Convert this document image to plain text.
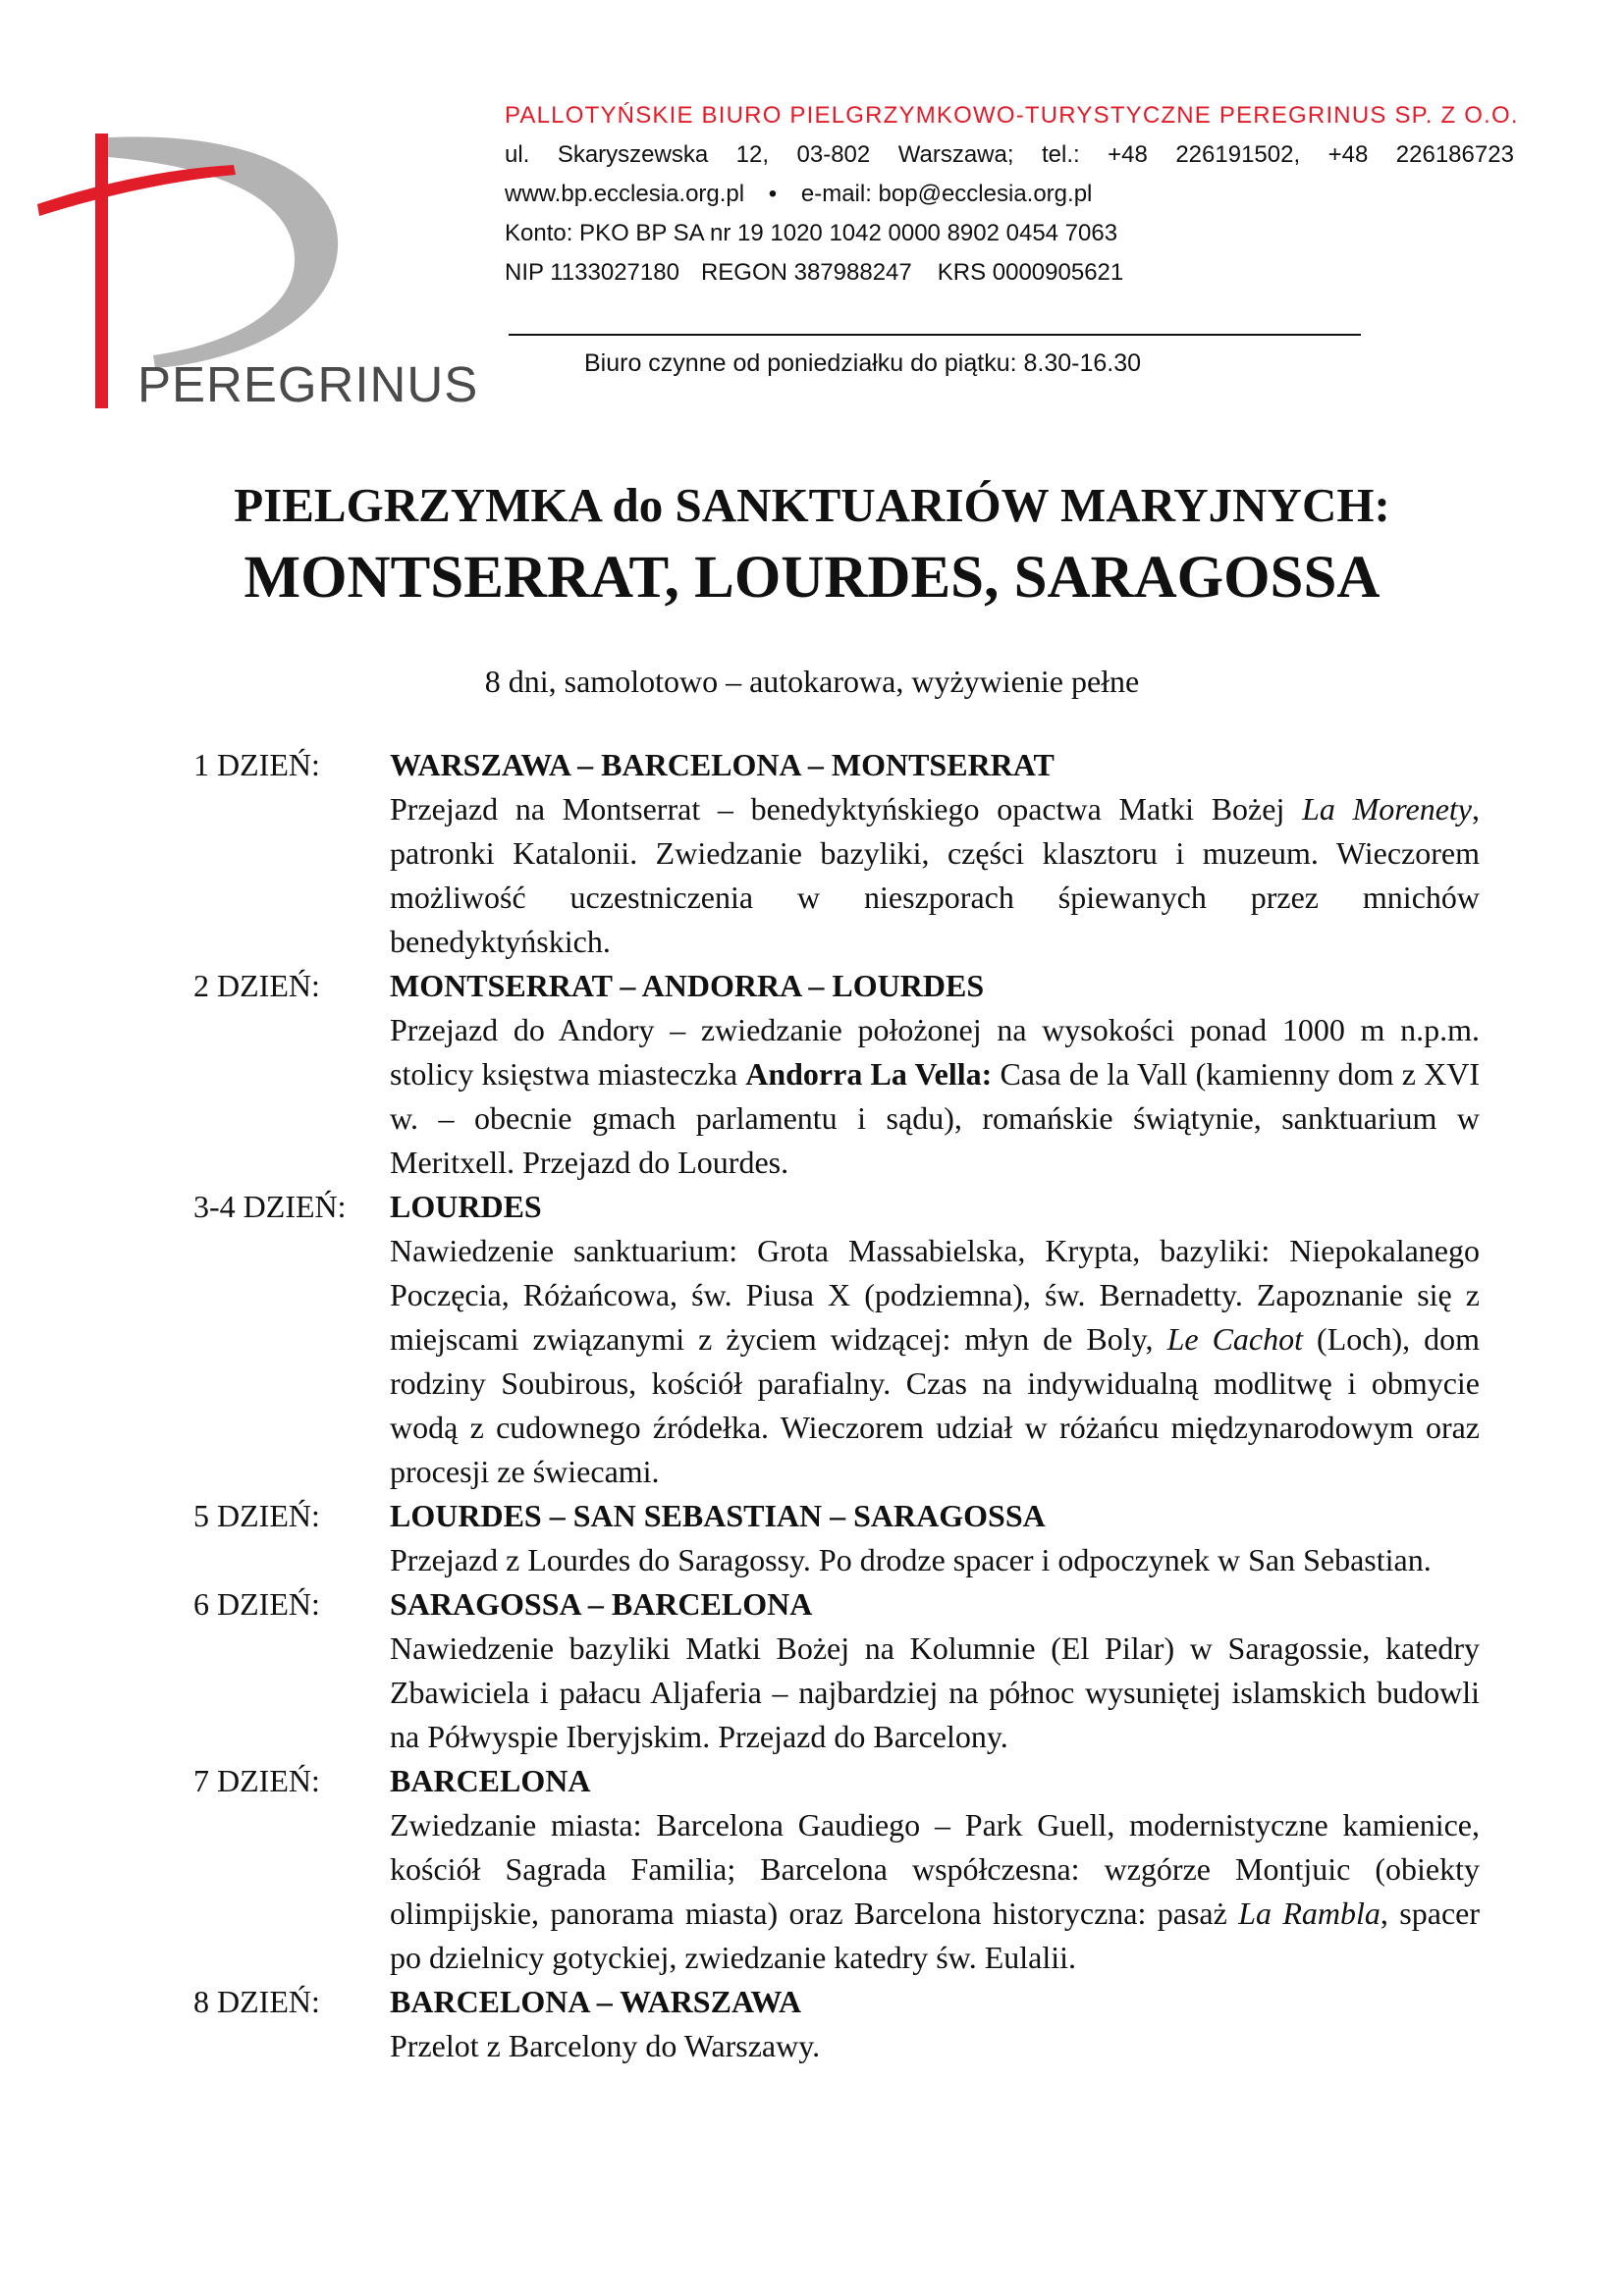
PEREGRINUS
PALLOTYŃSKIE BIURO PIELGRZYMKOWO-TURYSTYCZNE PEREGRINUS SP. Z O.O.
ul. Skaryszewska 12, 03-802 Warszawa; tel.: +48 226191502, +48 226186723
www.bp.ecclesia.org.pl • e-mail: bop@ecclesia.org.pl
Konto: PKO BP SA nr 19 1020 1042 0000 8902 0454 7063
NIP 1133027180 REGON 387988247 KRS 0000905621
Biuro czynne od poniedziałku do piątku: 8.30-16.30
PIELGRZYMKA do SANKTUARIÓW MARYJNYCH:
MONTSERRAT, LOURDES, SARAGOSSA
8 dni, samolotowo – autokarowa, wyżywienie pełne
1 DZIEŃ:	WARSZAWA – BARCELONA – MONTSERRAT
Przejazd na Montserrat – benedyktyńskiego opactwa Matki Bożej La Morenety, patronki Katalonii. Zwiedzanie bazyliki, części klasztoru i muzeum. Wieczorem możliwość uczestniczenia w nieszporach śpiewanych przez mnichów benedyktyńskich.
2 DZIEŃ:	MONTSERRAT – ANDORRA – LOURDES
Przejazd do Andory – zwiedzanie położonej na wysokości ponad 1000 m n.p.m. stolicy księstwa miasteczka Andorra La Vella: Casa de la Vall (kamienny dom z XVI w. – obecnie gmach parlamentu i sądu), romańskie świątynie, sanktuarium w Meritxell. Przejazd do Lourdes.
3-4 DZIEŃ:	LOURDES
Nawiedzenie sanktuarium: Grota Massabielska, Krypta, bazyliki: Niepokalanego Poczęcia, Różańcowa, św. Piusa X (podziemna), św. Bernadetty. Zapoznanie się z miejscami związanymi z życiem widzącej: młyn de Boly, Le Cachot (Loch), dom rodziny Soubirous, kościół parafialny. Czas na indywidualną modlitwę i obmycie wodą z cudownego źródełka. Wieczorem udział w różańcu międzynarodowym oraz procesji ze świecami.
5 DZIEŃ:	LOURDES – SAN SEBASTIAN – SARAGOSSA
Przejazd z Lourdes do Saragossy. Po drodze spacer i odpoczynek w San Sebastian.
6 DZIEŃ:	SARAGOSSA – BARCELONA
Nawiedzenie bazyliki Matki Bożej na Kolumnie (El Pilar) w Saragossie, katedry Zbawiciela i pałacu Aljaferia – najbardziej na północ wysuniętej islamskich budowli na Półwyspie Iberyjskim. Przejazd do Barcelony.
7 DZIEŃ:	BARCELONA
Zwiedzanie miasta: Barcelona Gaudiego – Park Guell, modernistyczne kamienice, kościół Sagrada Familia; Barcelona współczesna: wzgórze Montjuic (obiekty olimpijskie, panorama miasta) oraz Barcelona historyczna: pasaż La Rambla, spacer po dzielnicy gotyckiej, zwiedzanie katedry św. Eulalii.
8 DZIEŃ:	BARCELONA – WARSZAWA
Przelot z Barcelony do Warszawy.
